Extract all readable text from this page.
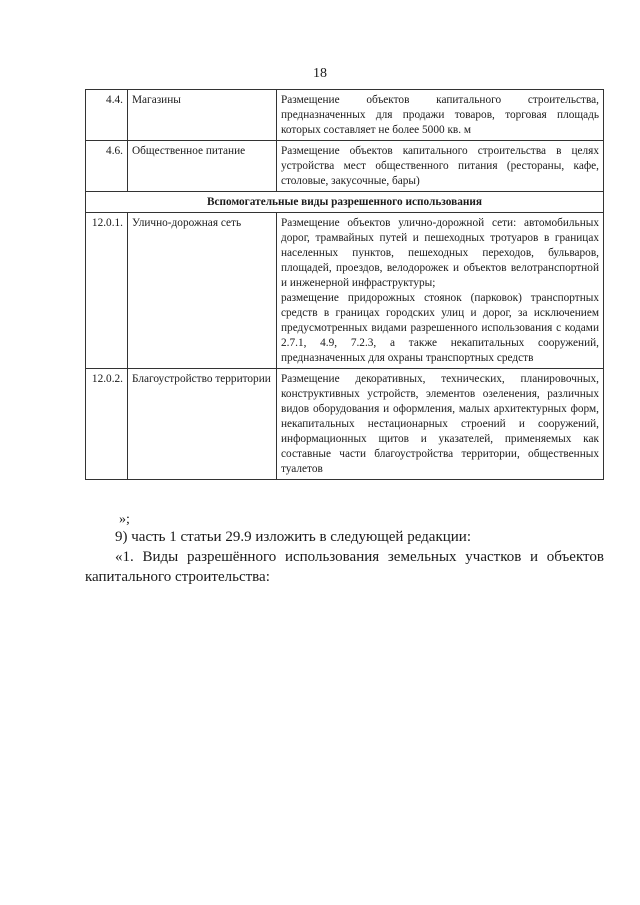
18
4.4.	Магазины	Размещение объектов капитального строительства, предназначенных для продажи товаров, торговая площадь которых составляет не более 5000 кв. м

4.6.	Общественное питание	Размещение объектов капитального строительства в целях устройства мест общественного питания (рестораны, кафе, столовые, закусочные, бары)

Вспомогательные виды разрешенного использования		
12.0.1.	Улично-дорожная сеть	Размещение объектов улично-дорожной сети: автомобильных дорог, трамвайных путей и пешеходных тротуаров в границах населенных пунктов, пешеходных переходов, бульваров, площадей, проездов, велодорожек и объектов велотранспортной и инженерной инфраструктуры;

размещение придорожных стоянок (парковок) транспортных средств в границах городских улиц и дорог, за исключением предусмотренных видами разрешенного использования с кодами 2.7.1, 4.9, 7.2.3, а также некапитальных сооружений, предназначенных для охраны транспортных средств

12.0.2.	Благоустройство территории	Размещение декоративных, технических, планировочных, конструктивных устройств, элементов озеленения, различных видов оборудования и оформления, малых архитектурных форм, некапитальных нестационарных строений и сооружений, информационных щитов и указателей, применяемых как составные части благоустройства территории, общественных туалетов

»;
9) часть 1 статьи 29.9 изложить в следующей редакции:
«1. Виды разрешённого использования земельных участков и объектов капитального строительства:
